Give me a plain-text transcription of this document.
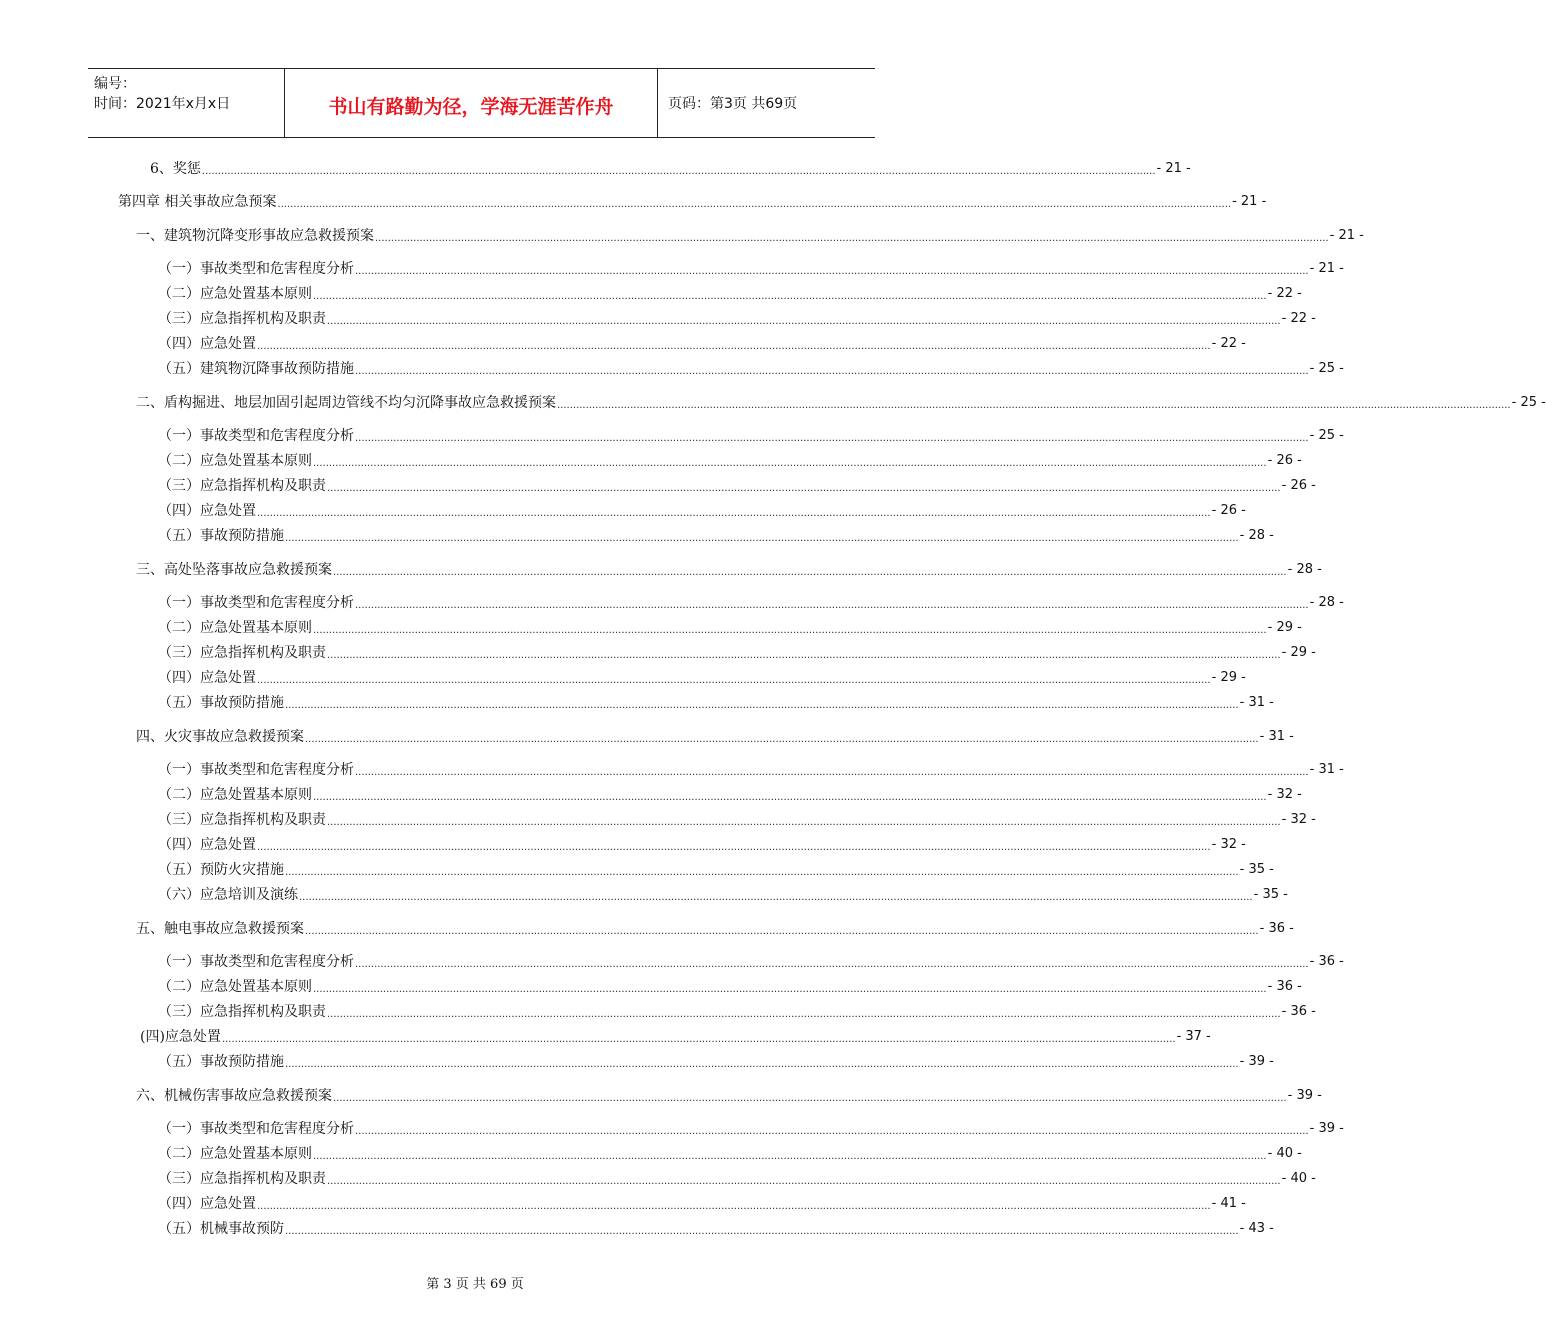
编号：
时间：2021年x月x日	书山有路勤为径，学海无涯苦作舟	页码：第3页 共69页
6、奖惩 ............................................................................................................................................................................................................................................................................................................ - 21 -
第四章 相关事故应急预案 ............................................................................................................................................................................................................................................................................................................ - 21 -
一、建筑物沉降变形事故应急救援预案 ............................................................................................................................................................................................................................................................................................................ - 21 -
（一）事故类型和危害程度分析 ............................................................................................................................................................................................................................................................................................................ - 21 -
（二）应急处置基本原则 ............................................................................................................................................................................................................................................................................................................ - 22 -
（三）应急指挥机构及职责 ............................................................................................................................................................................................................................................................................................................ - 22 -
（四）应急处置 ............................................................................................................................................................................................................................................................................................................ - 22 -
（五）建筑物沉降事故预防措施 ............................................................................................................................................................................................................................................................................................................ - 25 -
二、盾构掘进、地层加固引起周边管线不均匀沉降事故应急救援预案 ............................................................................................................................................................................................................................................................................................................ - 25 -
（一）事故类型和危害程度分析 ............................................................................................................................................................................................................................................................................................................ - 25 -
（二）应急处置基本原则 ............................................................................................................................................................................................................................................................................................................ - 26 -
（三）应急指挥机构及职责 ............................................................................................................................................................................................................................................................................................................ - 26 -
（四）应急处置 ............................................................................................................................................................................................................................................................................................................ - 26 -
（五）事故预防措施 ............................................................................................................................................................................................................................................................................................................ - 28 -
三、高处坠落事故应急救援预案 ............................................................................................................................................................................................................................................................................................................ - 28 -
（一）事故类型和危害程度分析 ............................................................................................................................................................................................................................................................................................................ - 28 -
（二）应急处置基本原则 ............................................................................................................................................................................................................................................................................................................ - 29 -
（三）应急指挥机构及职责 ............................................................................................................................................................................................................................................................................................................ - 29 -
（四）应急处置 ............................................................................................................................................................................................................................................................................................................ - 29 -
（五）事故预防措施 ............................................................................................................................................................................................................................................................................................................ - 31 -
四、火灾事故应急救援预案 ............................................................................................................................................................................................................................................................................................................ - 31 -
（一）事故类型和危害程度分析 ............................................................................................................................................................................................................................................................................................................ - 31 -
（二）应急处置基本原则 ............................................................................................................................................................................................................................................................................................................ - 32 -
（三）应急指挥机构及职责 ............................................................................................................................................................................................................................................................................................................ - 32 -
（四）应急处置 ............................................................................................................................................................................................................................................................................................................ - 32 -
（五）预防火灾措施 ............................................................................................................................................................................................................................................................................................................ - 35 -
（六）应急培训及演练 ............................................................................................................................................................................................................................................................................................................ - 35 -
五、触电事故应急救援预案 ............................................................................................................................................................................................................................................................................................................ - 36 -
（一）事故类型和危害程度分析 ............................................................................................................................................................................................................................................................................................................ - 36 -
（二）应急处置基本原则 ............................................................................................................................................................................................................................................................................................................ - 36 -
（三）应急指挥机构及职责 ............................................................................................................................................................................................................................................................................................................ - 36 -
(四)应急处置 ............................................................................................................................................................................................................................................................................................................ - 37 -
（五）事故预防措施 ............................................................................................................................................................................................................................................................................................................ - 39 -
六、机械伤害事故应急救援预案 ............................................................................................................................................................................................................................................................................................................ - 39 -
（一）事故类型和危害程度分析 ............................................................................................................................................................................................................................................................................................................ - 39 -
（二）应急处置基本原则 ............................................................................................................................................................................................................................................................................................................ - 40 -
（三）应急指挥机构及职责 ............................................................................................................................................................................................................................................................................................................ - 40 -
（四）应急处置 ............................................................................................................................................................................................................................................................................................................ - 41 -
（五）机械事故预防 ............................................................................................................................................................................................................................................................................................................ - 43 -
第 3 页 共 69 页
